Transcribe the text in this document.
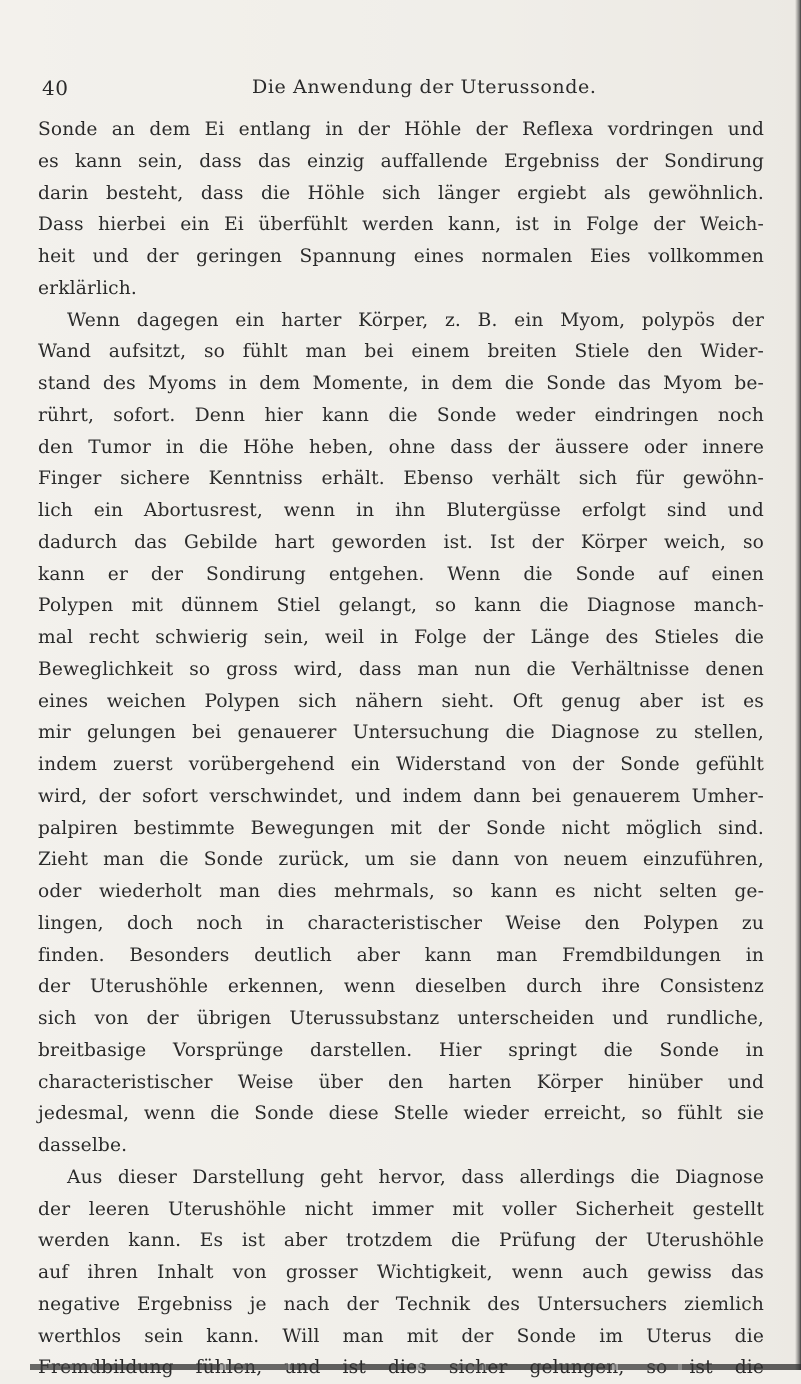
40	Die Anwendung der Uterussonde.
Sonde an dem Ei entlang in der Höhle der Reflexa vordringen und
es kann sein, dass das einzig auffallende Ergebniss der Sondirung
darin besteht, dass die Höhle sich länger ergiebt als gewöhnlich.
Dass hierbei ein Ei überfühlt werden kann, ist in Folge der Weich-
heit und der geringen Spannung eines normalen Eies vollkommen
erklärlich.
Wenn dagegen ein harter Körper, z. B. ein Myom, polypös der
Wand aufsitzt, so fühlt man bei einem breiten Stiele den Wider-
stand des Myoms in dem Momente, in dem die Sonde das Myom be-
rührt, sofort. Denn hier kann die Sonde weder eindringen noch
den Tumor in die Höhe heben, ohne dass der äussere oder innere
Finger sichere Kenntniss erhält. Ebenso verhält sich für gewöhn-
lich ein Abortusrest, wenn in ihn Blutergüsse erfolgt sind und
dadurch das Gebilde hart geworden ist. Ist der Körper weich, so
kann er der Sondirung entgehen. Wenn die Sonde auf einen
Polypen mit dünnem Stiel gelangt, so kann die Diagnose manch-
mal recht schwierig sein, weil in Folge der Länge des Stieles die
Beweglichkeit so gross wird, dass man nun die Verhältnisse denen
eines weichen Polypen sich nähern sieht. Oft genug aber ist es
mir gelungen bei genauerer Untersuchung die Diagnose zu stellen,
indem zuerst vorübergehend ein Widerstand von der Sonde gefühlt
wird, der sofort verschwindet, und indem dann bei genauerem Umher-
palpiren bestimmte Bewegungen mit der Sonde nicht möglich sind.
Zieht man die Sonde zurück, um sie dann von neuem einzuführen,
oder wiederholt man dies mehrmals, so kann es nicht selten ge-
lingen, doch noch in characteristischer Weise den Polypen zu
finden. Besonders deutlich aber kann man Fremdbildungen in
der Uterushöhle erkennen, wenn dieselben durch ihre Consistenz
sich von der übrigen Uterussubstanz unterscheiden und rundliche,
breitbasige Vorsprünge darstellen. Hier springt die Sonde in
characteristischer Weise über den harten Körper hinüber und
jedesmal, wenn die Sonde diese Stelle wieder erreicht, so fühlt sie
dasselbe.
Aus dieser Darstellung geht hervor, dass allerdings die Diagnose
der leeren Uterushöhle nicht immer mit voller Sicherheit gestellt
werden kann. Es ist aber trotzdem die Prüfung der Uterushöhle
auf ihren Inhalt von grosser Wichtigkeit, wenn auch gewiss das
negative Ergebniss je nach der Technik des Untersuchers ziemlich
werthlos sein kann. Will man mit der Sonde im Uterus die
